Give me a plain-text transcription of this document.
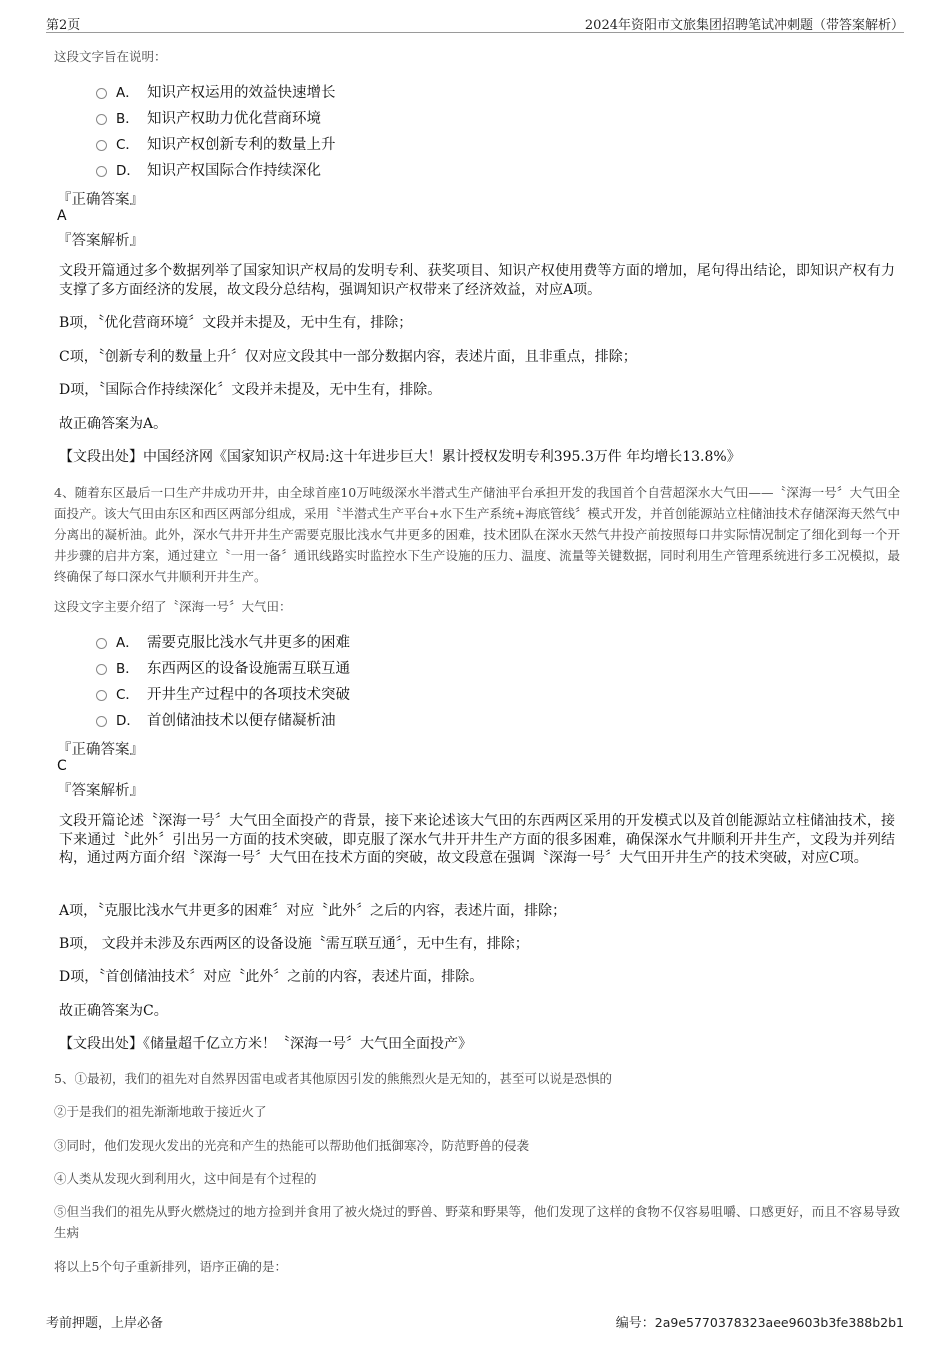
第2页	2024年资阳市文旅集团招聘笔试冲刺题（带答案解析）
这段文字旨在说明：
A． 知识产权运用的效益快速增长
B． 知识产权助力优化营商环境
C． 知识产权创新专利的数量上升
D． 知识产权国际合作持续深化
『正确答案』
A
『答案解析』
文段开篇通过多个数据列举了国家知识产权局的发明专利、获奖项目、知识产权使用费等方面的增加，尾句得出结论，即知识产权有力支撑了多方面经济的发展，故文段分总结构，强调知识产权带来了经济效益，对应A项。
B项，〝优化营商环境〞文段并未提及，无中生有，排除；
C项，〝创新专利的数量上升〞仅对应文段其中一部分数据内容，表述片面，且非重点，排除；
D项，〝国际合作持续深化〞文段并未提及，无中生有，排除。
故正确答案为A。
【文段出处】中国经济网《国家知识产权局:这十年进步巨大！累计授权发明专利395.3万件 年均增长13.8%》
4、随着东区最后一口生产井成功开井，由全球首座10万吨级深水半潜式生产储油平台承担开发的我国首个自营超深水大气田——〝深海一号〞大气田全面投产。该大气田由东区和西区两部分组成，采用〝半潜式生产平台+水下生产系统+海底管线〞模式开发，并首创能源站立柱储油技术存储深海天然气中分离出的凝析油。此外，深水气井开井生产需要克服比浅水气井更多的困难，技术团队在深水天然气井投产前按照每口井实际情况制定了细化到每一个开井步骤的启井方案，通过建立〝一用一备〞通讯线路实时监控水下生产设施的压力、温度、流量等关键数据，同时利用生产管理系统进行多工况模拟，最终确保了每口深水气井顺利开井生产。
这段文字主要介绍了〝深海一号〞大气田：
A． 需要克服比浅水气井更多的困难
B． 东西两区的设备设施需互联互通
C． 开井生产过程中的各项技术突破
D． 首创储油技术以便存储凝析油
『正确答案』
C
『答案解析』
文段开篇论述〝深海一号〞大气田全面投产的背景，接下来论述该大气田的东西两区采用的开发模式以及首创能源站立柱储油技术，接下来通过〝此外〞引出另一方面的技术突破，即克服了深水气井开井生产方面的很多困难，确保深水气井顺利开井生产，文段为并列结构，通过两方面介绍〝深海一号〞大气田在技术方面的突破，故文段意在强调〝深海一号〞大气田开井生产的技术突破，对应C项。
A项，〝克服比浅水气井更多的困难〞对应〝此外〞之后的内容，表述片面，排除；
B项， 文段并未涉及东西两区的设备设施〝需互联互通〞，无中生有，排除；
D项，〝首创储油技术〞对应〝此外〞之前的内容，表述片面，排除。
故正确答案为C。
【文段出处】《储量超千亿立方米！〝深海一号〞大气田全面投产》
5、①最初，我们的祖先对自然界因雷电或者其他原因引发的熊熊烈火是无知的，甚至可以说是恐惧的
②于是我们的祖先渐渐地敢于接近火了
③同时，他们发现火发出的光亮和产生的热能可以帮助他们抵御寒冷，防范野兽的侵袭
④人类从发现火到利用火，这中间是有个过程的
⑤但当我们的祖先从野火燃烧过的地方捡到并食用了被火烧过的野兽、野菜和野果等，他们发现了这样的食物不仅容易咀嚼、口感更好，而且不容易导致生病
将以上5个句子重新排列，语序正确的是：
考前押题，上岸必备	编号：2a9e5770378323aee9603b3fe388b2b1
